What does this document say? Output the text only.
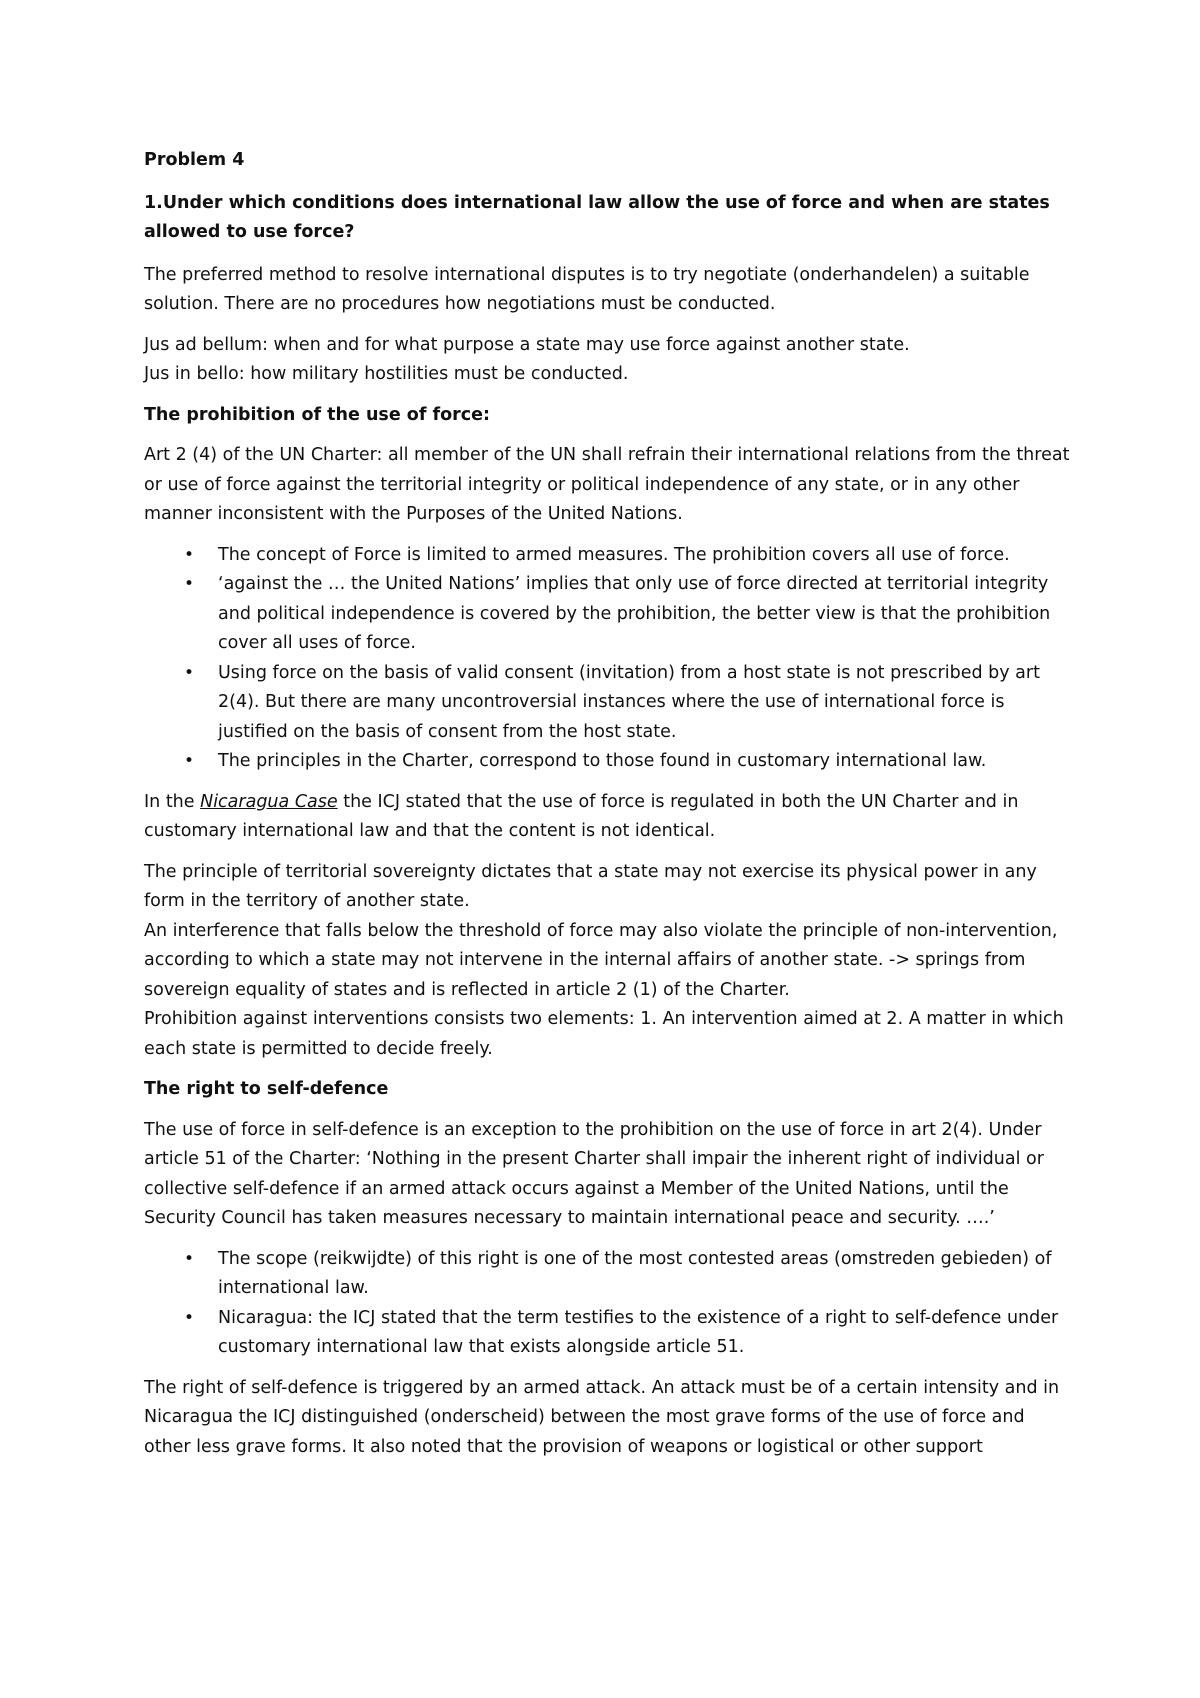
Problem 4

1.Under which conditions does international law allow the use of force and when are states allowed to use force?

The preferred method to resolve international disputes is to try negotiate (onderhandelen) a suitable solution. There are no procedures how negotiations must be conducted.

Jus ad bellum: when and for what purpose a state may use force against another state.
Jus in bello: how military hostilities must be conducted.

The prohibition of the use of force:

Art 2 (4) of the UN Charter: all member of the UN shall refrain their international relations from the threat or use of force against the territorial integrity or political independence of any state, or in any other manner inconsistent with the Purposes of the United Nations.

• The concept of Force is limited to armed measures. The prohibition covers all use of force.
• ‘against the … the United Nations’ implies that only use of force directed at territorial integrity and political independence is covered by the prohibition, the better view is that the prohibition cover all uses of force.
• Using force on the basis of valid consent (invitation) from a host state is not prescribed by art 2(4). But there are many uncontroversial instances where the use of international force is justified on the basis of consent from the host state.
• The principles in the Charter, correspond to those found in customary international law.

In the Nicaragua Case the ICJ stated that the use of force is regulated in both the UN Charter and in customary international law and that the content is not identical.

The principle of territorial sovereignty dictates that a state may not exercise its physical power in any form in the territory of another state.
An interference that falls below the threshold of force may also violate the principle of non-intervention, according to which a state may not intervene in the internal affairs of another state. -> springs from sovereign equality of states and is reflected in article 2 (1) of the Charter.
Prohibition against interventions consists two elements: 1. An intervention aimed at 2. A matter in which each state is permitted to decide freely.

The right to self-defence

The use of force in self-defence is an exception to the prohibition on the use of force in art 2(4). Under article 51 of the Charter: ‘Nothing in the present Charter shall impair the inherent right of individual or collective self-defence if an armed attack occurs against a Member of the United Nations, until the Security Council has taken measures necessary to maintain international peace and security. ….’

• The scope (reikwijdte) of this right is one of the most contested areas (omstreden gebieden) of international law.
• Nicaragua: the ICJ stated that the term testifies to the existence of a right to self-defence under customary international law that exists alongside article 51.

The right of self-defence is triggered by an armed attack. An attack must be of a certain intensity and in Nicaragua the ICJ distinguished (onderscheid) between the most grave forms of the use of force and other less grave forms. It also noted that the provision of weapons or logistical or other support
